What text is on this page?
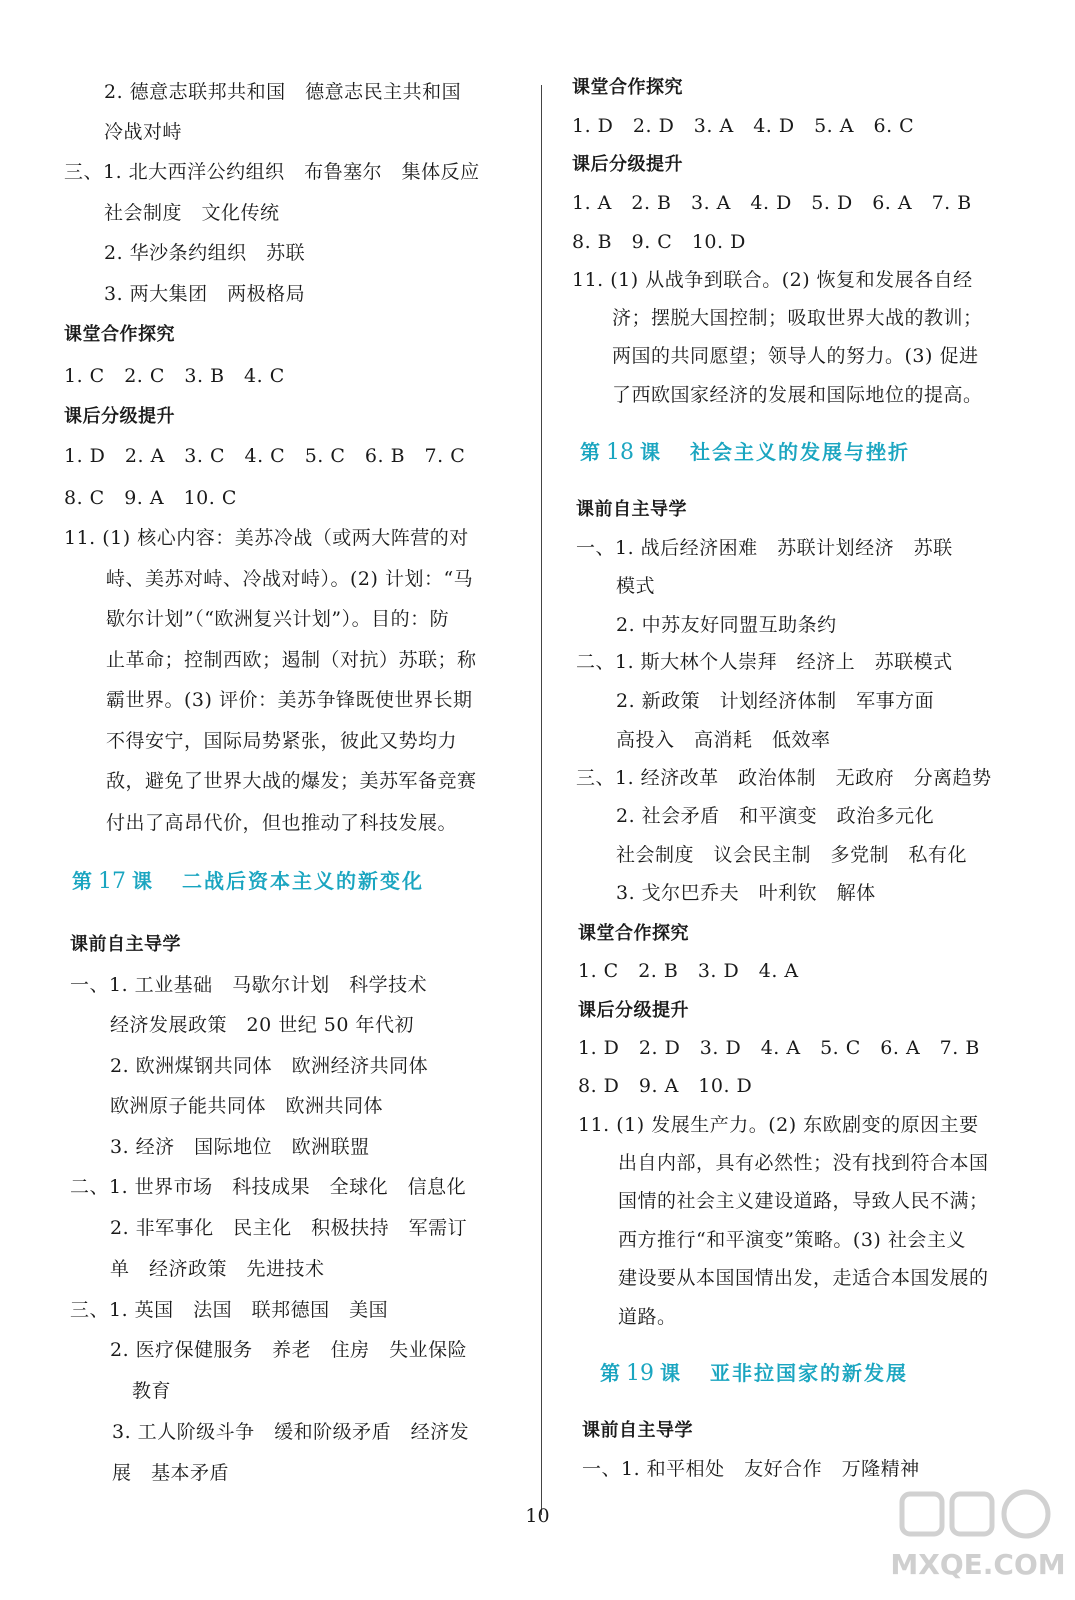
2. 德意志联邦共和国　德意志民主共和国
冷战对峙
三、1. 北大西洋公约组织　布鲁塞尔　集体反应
社会制度　文化传统
2. 华沙条约组织　苏联
3. 两大集团　两极格局
课堂合作探究
1. C　2. C　3. B　4. C
课后分级提升
1. D　2. A　3. C　4. C　5. C　6. B　7. C
8. C　9. A　10. C
11. (1) 核心内容：美苏冷战（或两大阵营的对
峙、美苏对峙、冷战对峙）。(2) 计划：“马
歇尔计划”（“欧洲复兴计划”）。目的：防
止革命；控制西欧；遏制（对抗）苏联；称
霸世界。(3) 评价：美苏争锋既使世界长期
不得安宁，国际局势紧张，彼此又势均力
敌，避免了世界大战的爆发；美苏军备竞赛
付出了高昂代价，但也推动了科技发展。
第 17 课 二战后资本主义的新变化
课前自主导学
一、1. 工业基础　马歇尔计划　科学技术
经济发展政策　20 世纪 50 年代初
2. 欧洲煤钢共同体　欧洲经济共同体
欧洲原子能共同体　欧洲共同体
3. 经济　国际地位　欧洲联盟
二、1. 世界市场　科技成果　全球化　信息化
2. 非军事化　民主化　积极扶持　军需订
单　经济政策　先进技术
三、1. 英国　法国　联邦德国　美国
2. 医疗保健服务　养老　住房　失业保险
教育
3. 工人阶级斗争　缓和阶级矛盾　经济发
展　基本矛盾
课堂合作探究
1. D　2. D　3. A　4. D　5. A　6. C
课后分级提升
1. A　2. B　3. A　4. D　5. D　6. A　7. B
8. B　9. C　10. D
11. (1) 从战争到联合。(2) 恢复和发展各自经
济；摆脱大国控制；吸取世界大战的教训；
两国的共同愿望；领导人的努力。(3) 促进
了西欧国家经济的发展和国际地位的提高。
第 18 课 社会主义的发展与挫折
课前自主导学
一、1. 战后经济困难　苏联计划经济　苏联
模式
2. 中苏友好同盟互助条约
二、1. 斯大林个人崇拜　经济上　苏联模式
2. 新政策　计划经济体制　军事方面
高投入　高消耗　低效率
三、1. 经济改革　政治体制　无政府　分离趋势
2. 社会矛盾　和平演变　政治多元化
社会制度　议会民主制　多党制　私有化
3. 戈尔巴乔夫　叶利钦　解体
课堂合作探究
1. C　2. B　3. D　4. A
课后分级提升
1. D　2. D　3. D　4. A　5. C　6. A　7. B
8. D　9. A　10. D
11. (1) 发展生产力。(2) 东欧剧变的原因主要
出自内部，具有必然性；没有找到符合本国
国情的社会主义建设道路，导致人民不满；
西方推行“和平演变”策略。(3) 社会主义
建设要从本国国情出发，走适合本国发展的
道路。
第 19 课 亚非拉国家的新发展
课前自主导学
一、1. 和平相处　友好合作　万隆精神
10
MXQE.COM
